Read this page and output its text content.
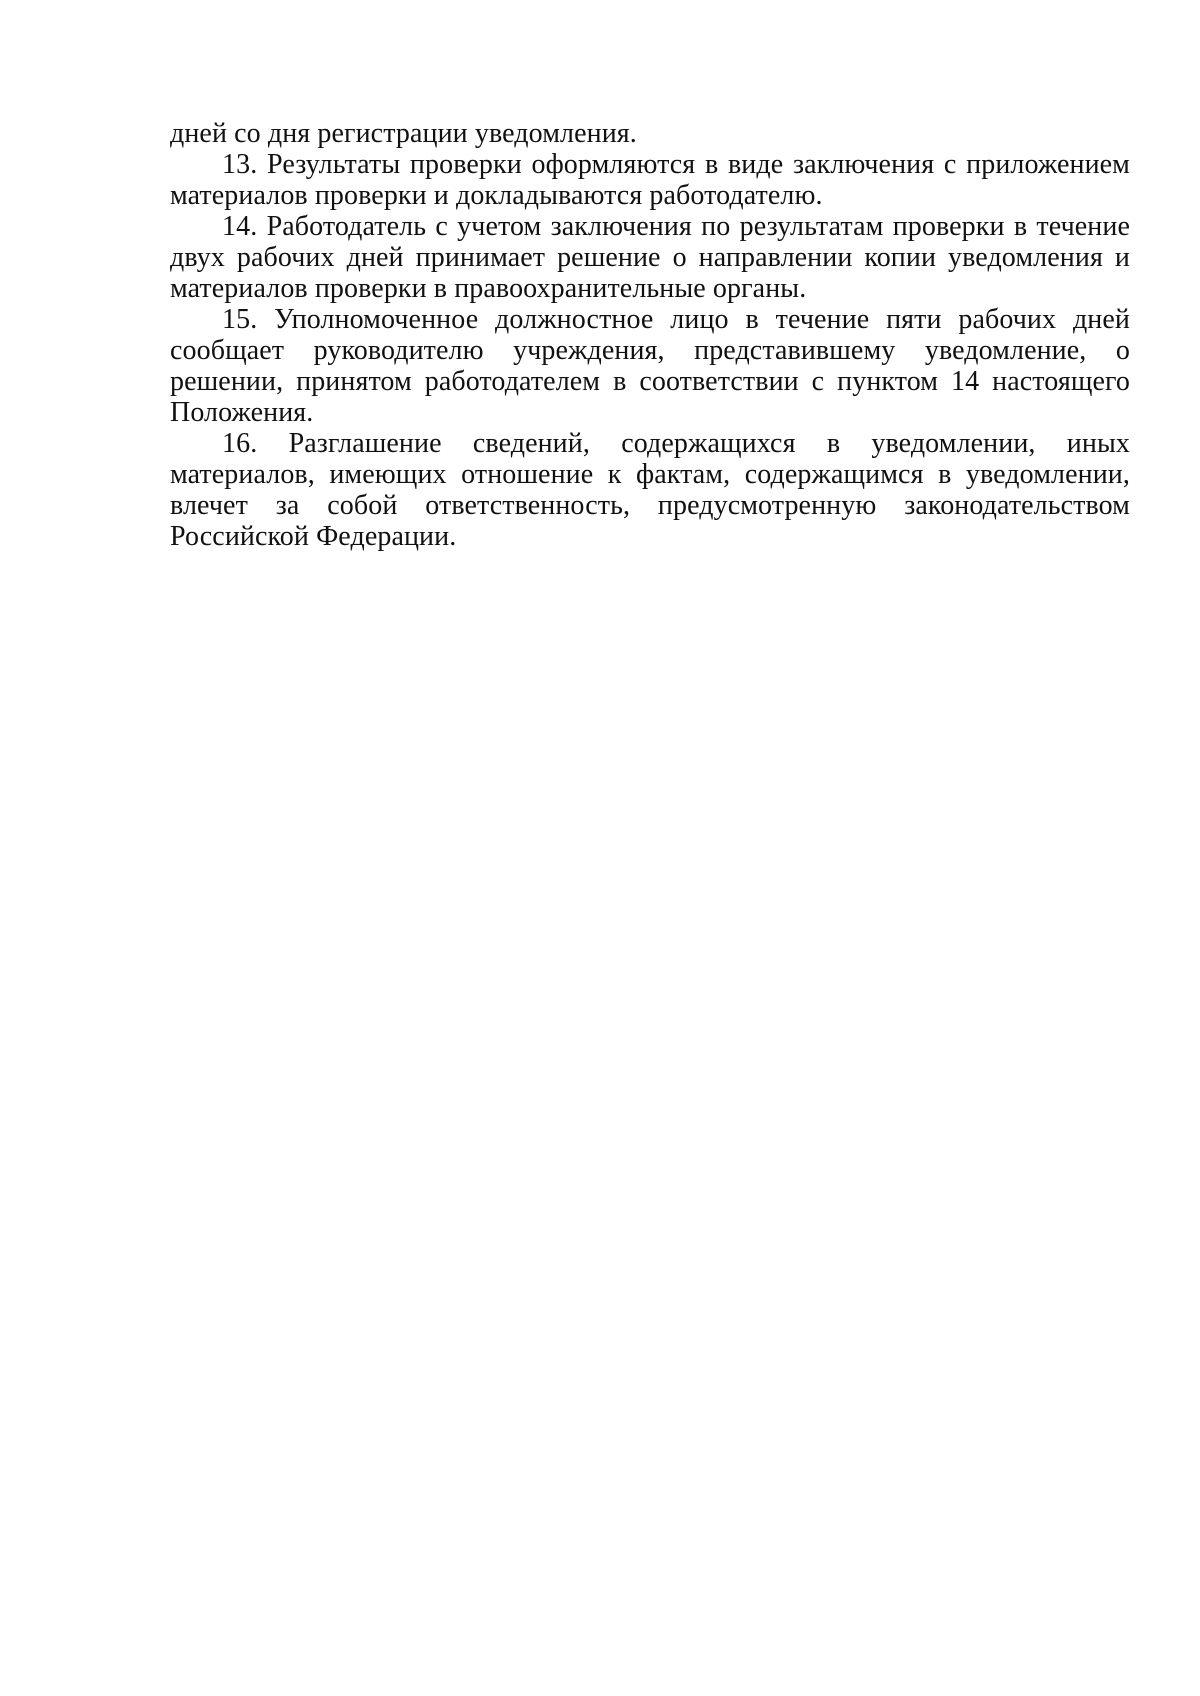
дней со дня регистрации уведомления.

13. Результаты проверки оформляются в виде заключения с приложением материалов проверки и докладываются работодателю.

14. Работодатель с учетом заключения по результатам проверки в течение двух рабочих дней принимает решение о направлении копии уведомления и материалов проверки в правоохранительные органы.

15. Уполномоченное должностное лицо в течение пяти рабочих дней сообщает руководителю учреждения, представившему уведомление, о решении, принятом работодателем в соответствии с пунктом 14 настоящего Положения.

16. Разглашение сведений, содержащихся в уведомлении, иных материалов, имеющих отношение к фактам, содержащимся в уведомлении, влечет за собой ответственность, предусмотренную законодательством Российской Федерации.
